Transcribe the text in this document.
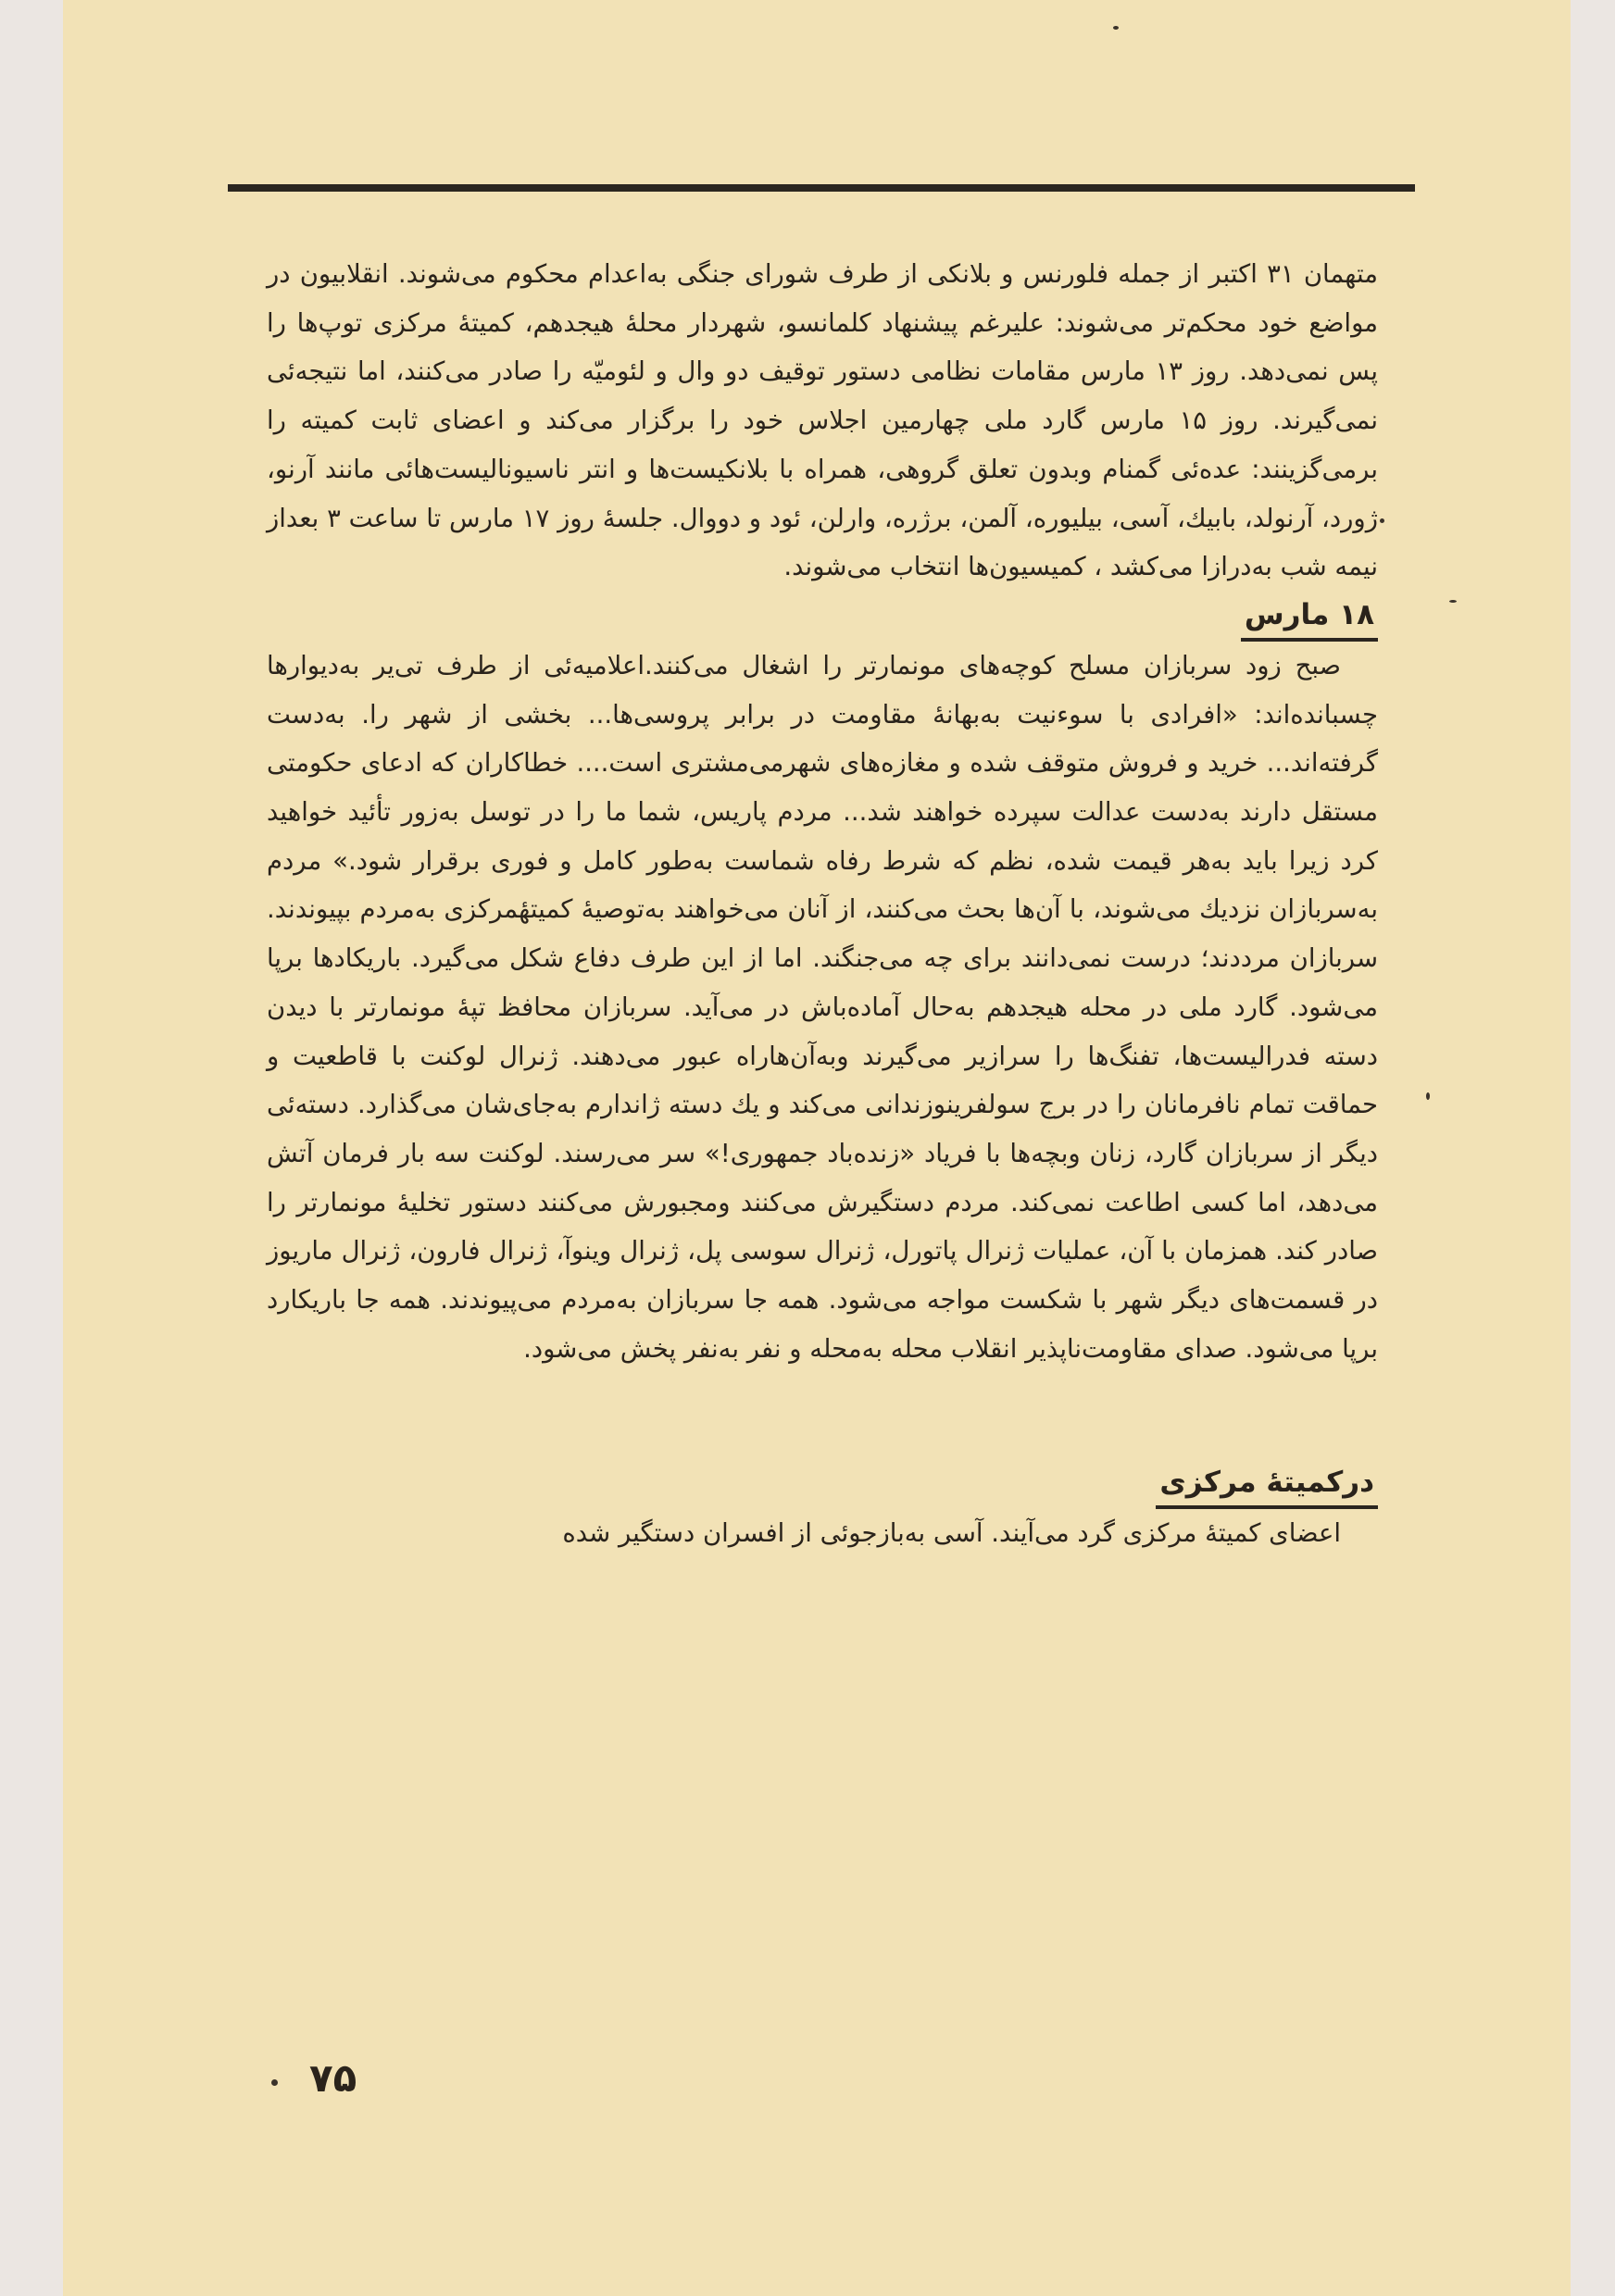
متهمان ۳۱ اکتبر از جمله فلورنس و بلانکی از طرف شورای جنگی به‌اعدام محکوم می‌شوند. انقلابیون در مواضع خود محکم‌تر می‌شوند: علیرغم پیشنهاد کلمانسو، شهردار محلهٔ هیجدهم، کمیتهٔ مرکزی توپ‌ها را پس نمی‌دهد. روز ۱۳ مارس مقامات نظامی دستور توقیف دو وال و لئومیّه را صادر می‌کنند، اما نتیجه‌ئی نمی‌گیرند. روز ۱۵ مارس گارد ملی چهارمین اجلاس خود را برگزار می‌کند و اعضای ثابت کمیته را برمی‌گزینند: عده‌ئی گمنام وبدون تعلق گروهی، همراه با بلانکیست‌ها و انتر ناسیونالیست‌هائی مانند آرنو، ژورد، آرنولد، بابیك، آسی، بیلیوره، آلمن، برژره، وارلن، ئود و دووال. جلسهٔ روز ۱۷ مارس تا ساعت ۳ بعداز نیمه شب به‌درازا می‌کشد ، کمیسیون‌ها انتخاب می‌شوند.

۱۸ مارس

صبح زود سربازان مسلح کوچه‌های مونمارتر را اشغال می‌کنند.اعلامیه‌ئی از طرف تی‌یر به‌دیوارها چسبانده‌اند: «افرادی با سوءنیت به‌بهانهٔ مقاومت در برابر پروسی‌ها... بخشی از شهر را. به‌دست گرفته‌اند... خرید و فروش متوقف شده و مغازه‌های شهرمی‌مشتری است.... خطاکاران که ادعای حکومتی مستقل دارند به‌دست عدالت سپرده خواهند شد... مردم پاریس، شما ما را در توسل به‌زور تأئید خواهید کرد زیرا باید به‌هر قیمت شده، نظم که شرط رفاه شماست به‌طور کامل و فوری برقرار شود.» مردم به‌سربازان نزدیك می‌شوند، با آن‌ها بحث می‌کنند، از آنان می‌خواهند به‌توصیهٔ کمیتهٔمرکزی به‌مردم بپیوندند. سربازان مرددند؛ درست نمی‌دانند برای چه می‌جنگند. اما از این طرف دفاع شکل می‌گیرد. باریکادها برپا می‌شود. گارد ملی در محله هیجدهم به‌حال آماده‌باش در می‌آید. سربازان محافظ تپهٔ مونمارتر با دیدن دسته فدرالیست‌ها، تفنگ‌ها را سرازیر می‌گیرند وبه‌آن‌هاراه عبور می‌دهند. ژنرال لوکنت با قاطعیت و حماقت تمام نافرمانان را در برج سولفرینوزندانی می‌کند و یك دسته ژاندارم به‌جای‌شان می‌گذارد. دسته‌ئی دیگر از سربازان گارد، زنان وبچه‌ها با فریاد «زنده‌باد جمهوری!» سر می‌رسند. لوکنت سه بار فرمان آتش می‌دهد، اما کسی اطاعت نمی‌کند. مردم دستگیرش می‌کنند ومجبورش می‌کنند دستور تخلیهٔ مونمارتر را صادر کند. همزمان با آن، عملیات ژنرال پاتورل، ژنرال سوسی پل، ژنرال وینوآ، ژنرال فارون، ژنرال ماریوز در قسمت‌های دیگر شهر با شکست مواجه می‌شود. همه جا سربازان به‌مردم می‌پیوندند. همه جا باریکارد برپا می‌شود. صدای مقاومت‌ناپذیر انقلاب محله به‌محله و نفر به‌نفر پخش می‌شود.

درکمیتهٔ مرکزی

اعضای کمیتهٔ مرکزی گرد می‌آیند. آسی به‌بازجوئی از افسران دستگیر شده

۷۵
